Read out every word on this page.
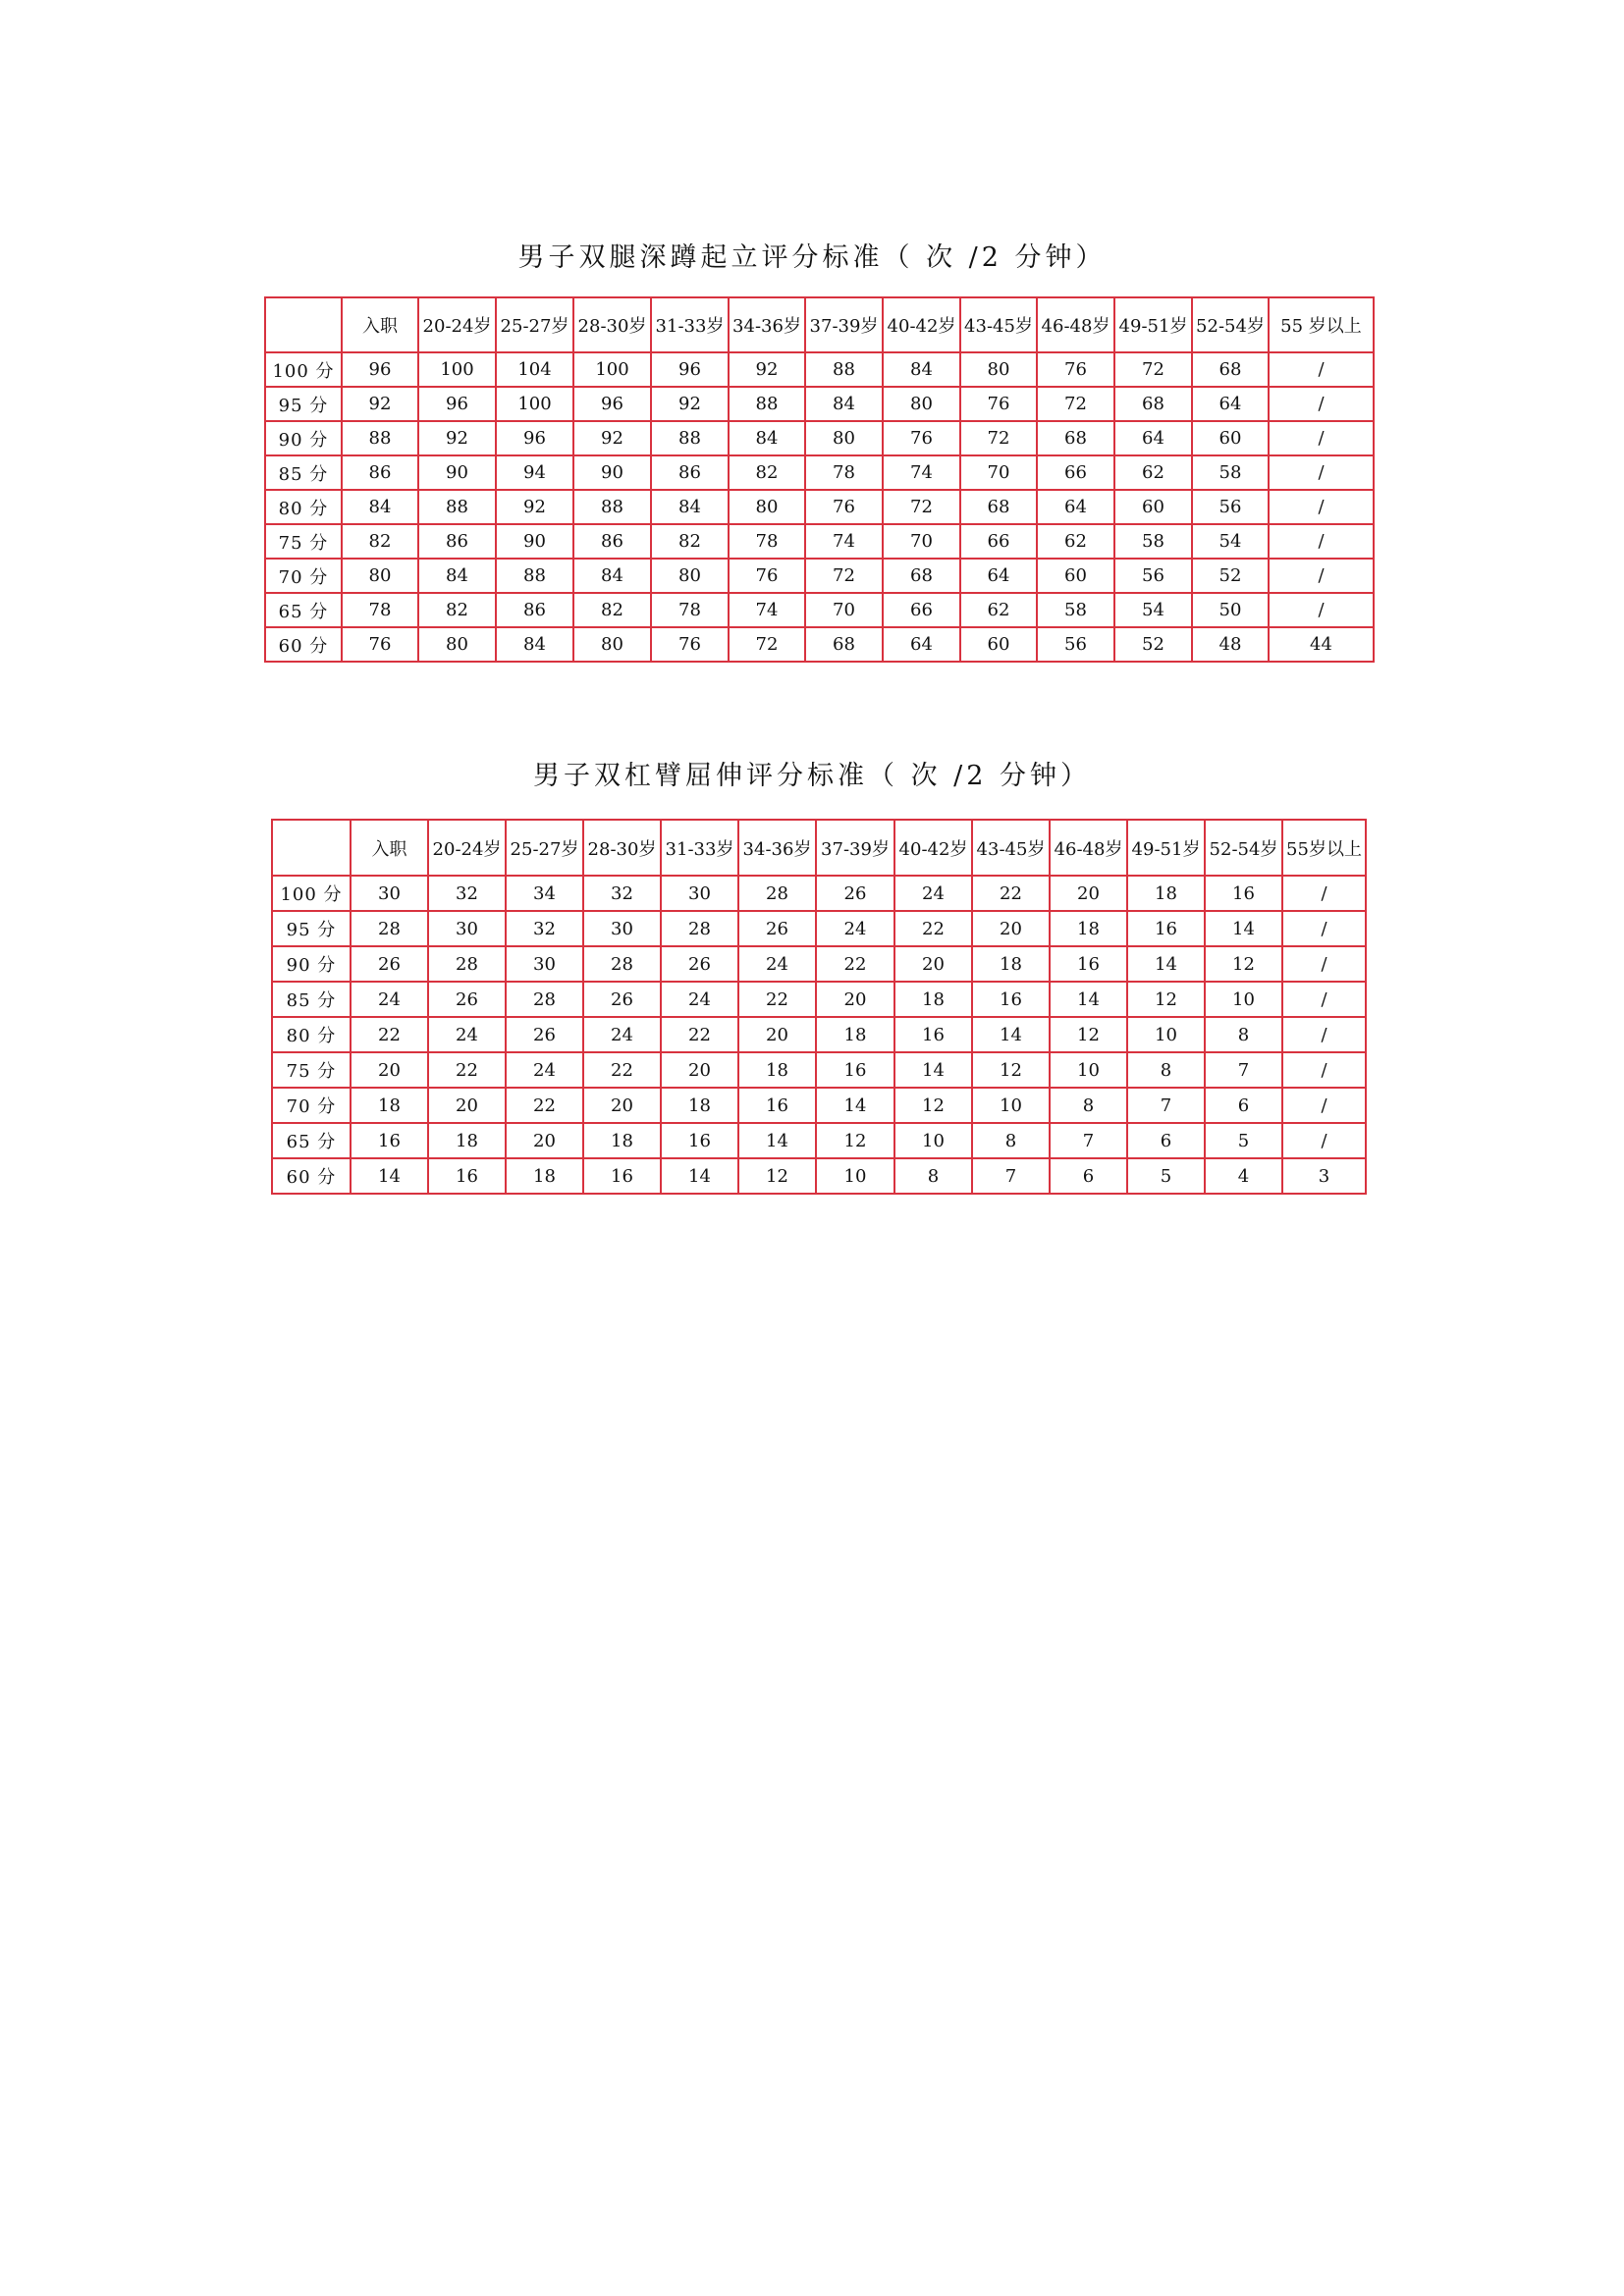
男子双腿深蹲起立评分标准（ 次 /2 分钟）
	入职	20-24岁	25-27岁	28-30岁	31-33岁	34-36岁	37-39岁	40-42岁	43-45岁	46-48岁	49-51岁	52-54岁	55 岁以上
100 分	96	100	104	100	96	92	88	84	80	76	72	68	/
95 分	92	96	100	96	92	88	84	80	76	72	68	64	/
90 分	88	92	96	92	88	84	80	76	72	68	64	60	/
85 分	86	90	94	90	86	82	78	74	70	66	62	58	/
80 分	84	88	92	88	84	80	76	72	68	64	60	56	/
75 分	82	86	90	86	82	78	74	70	66	62	58	54	/
70 分	80	84	88	84	80	76	72	68	64	60	56	52	/
65 分	78	82	86	82	78	74	70	66	62	58	54	50	/
60 分	76	80	84	80	76	72	68	64	60	56	52	48	44
男子双杠臂屈伸评分标准（ 次 /2 分钟）
	入职	20-24岁	25-27岁	28-30岁	31-33岁	34-36岁	37-39岁	40-42岁	43-45岁	46-48岁	49-51岁	52-54岁	55岁以上
100 分	30	32	34	32	30	28	26	24	22	20	18	16	/
95 分	28	30	32	30	28	26	24	22	20	18	16	14	/
90 分	26	28	30	28	26	24	22	20	18	16	14	12	/
85 分	24	26	28	26	24	22	20	18	16	14	12	10	/
80 分	22	24	26	24	22	20	18	16	14	12	10	8	/
75 分	20	22	24	22	20	18	16	14	12	10	8	7	/
70 分	18	20	22	20	18	16	14	12	10	8	7	6	/
65 分	16	18	20	18	16	14	12	10	8	7	6	5	/
60 分	14	16	18	16	14	12	10	8	7	6	5	4	3
